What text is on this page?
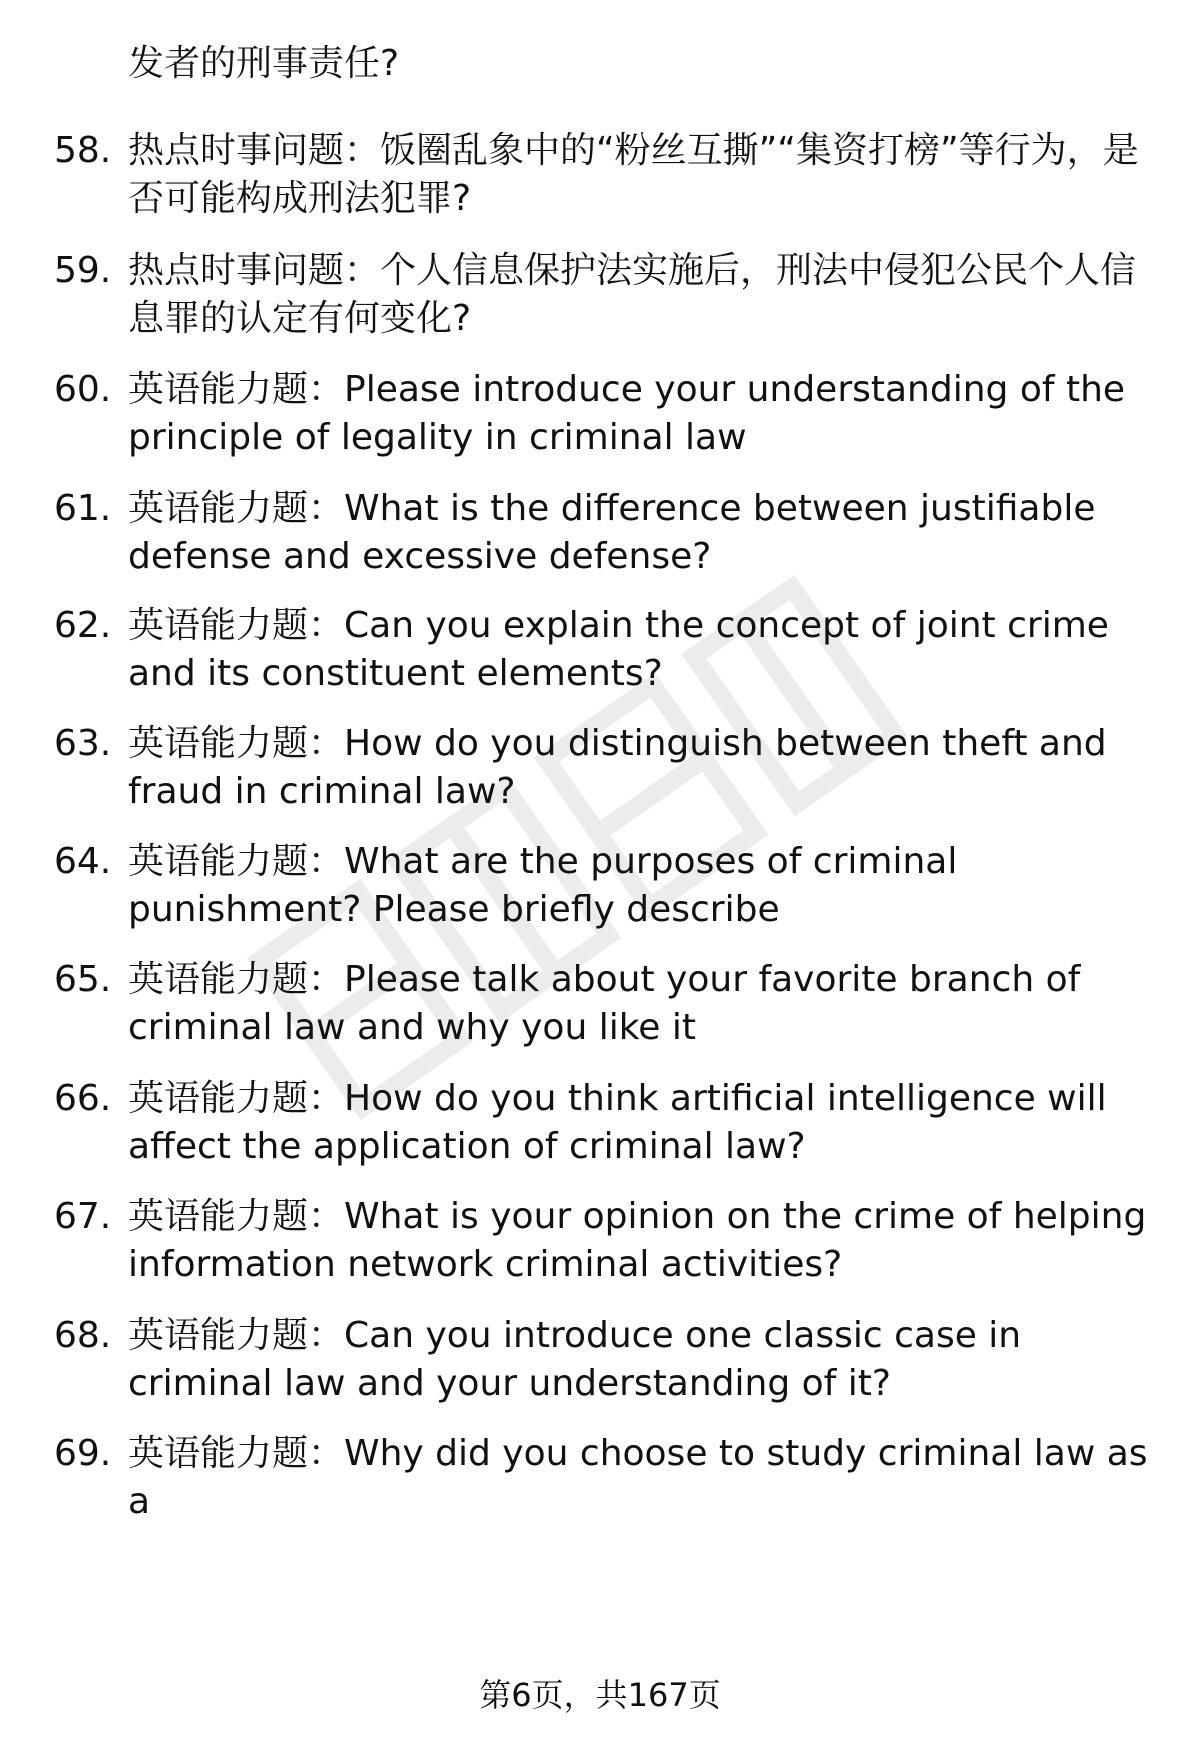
发者的刑事责任?
58. 热点时事问题：饭圈乱象中的“粉丝互撕”“集资打榜”等行为，是否可能构成刑法犯罪?
59. 热点时事问题：个人信息保护法实施后，刑法中侵犯公民个人信息罪的认定有何变化?
60. 英语能力题：Please introduce your understanding of the principle of legality in criminal law
61. 英语能力题：What is the difference between justifiable defense and excessive defense?
62. 英语能力题：Can you explain the concept of joint crime and its constituent elements?
63. 英语能力题：How do you distinguish between theft and fraud in criminal law?
64. 英语能力题：What are the purposes of criminal punishment? Please briefly describe
65. 英语能力题：Please talk about your favorite branch of criminal law and why you like it
66. 英语能力题：How do you think artificial intelligence will affect the application of criminal law?
67. 英语能力题：What is your opinion on the crime of helping information network criminal activities?
68. 英语能力题：Can you introduce one classic case in criminal law and your understanding of it?
69. 英语能力题：Why did you choose to study criminal law as a
第6页，共167页
